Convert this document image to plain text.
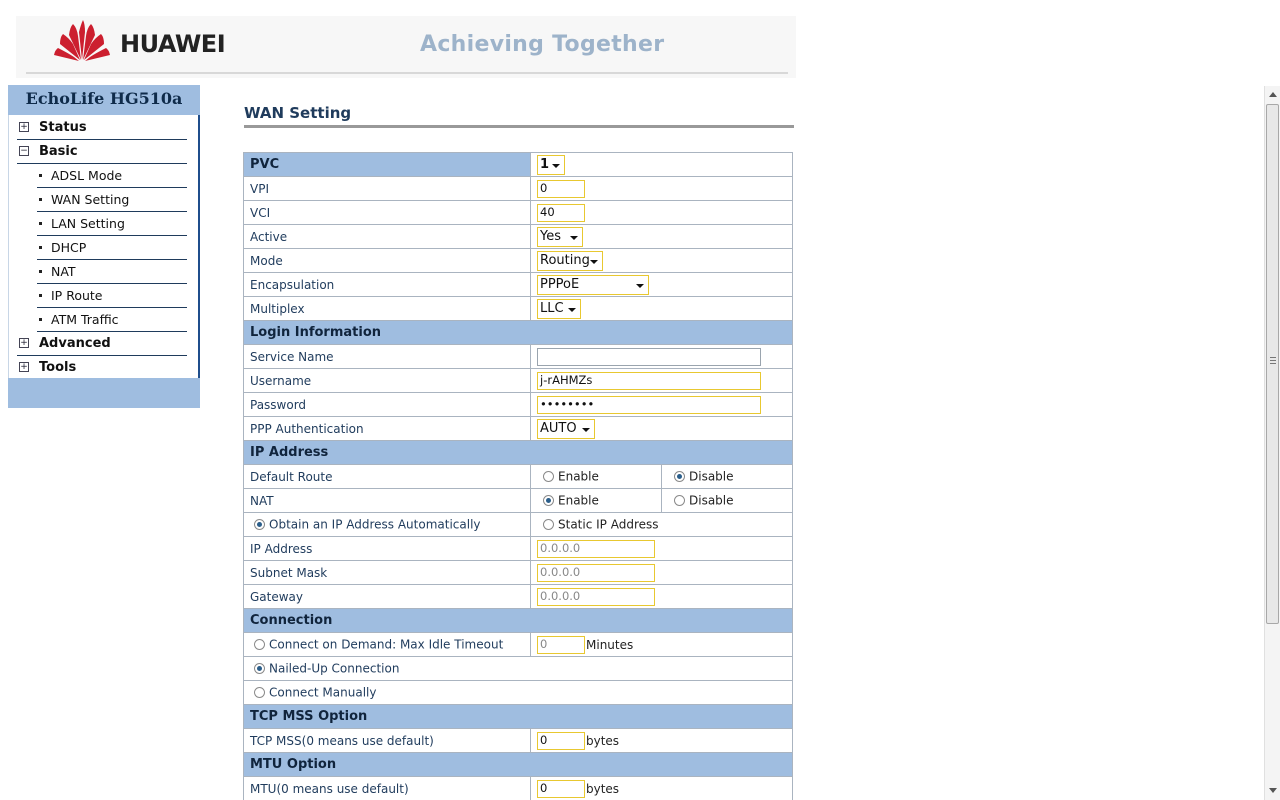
HUAWEI	Achieving Together
EchoLife HG510a
+ Status
− Basic
ADSL Mode
WAN Setting
LAN Setting
DHCP
NAT
IP Route
ATM Traffic
+ Advanced
+ Tools
WAN Setting
PVC	1	

VPI	0	
VCI	40	
Active	Yes	

Mode	Routing	

Encapsulation	PPPoE	

Multiplex	LLC	

Login Information		
Service Name		
Username	j-rAHMZs	
Password	••••••••	
PPP Authentication	AUTO	

IP Address		
Default Route	Enable	Disable
NAT	Enable	Disable
Obtain an IP Address Automatically	Static IP Address	
IP Address	0.0.0.0	
Subnet Mask	0.0.0.0	
Gateway	0.0.0.0	
Connection		
Connect on Demand: Max Idle Timeout	0 Minutes	
Nailed-Up Connection		
Connect Manually		
TCP MSS Option		
TCP MSS(0 means use default)	0 bytes	
MTU Option		
MTU(0 means use default)	0 bytes	
